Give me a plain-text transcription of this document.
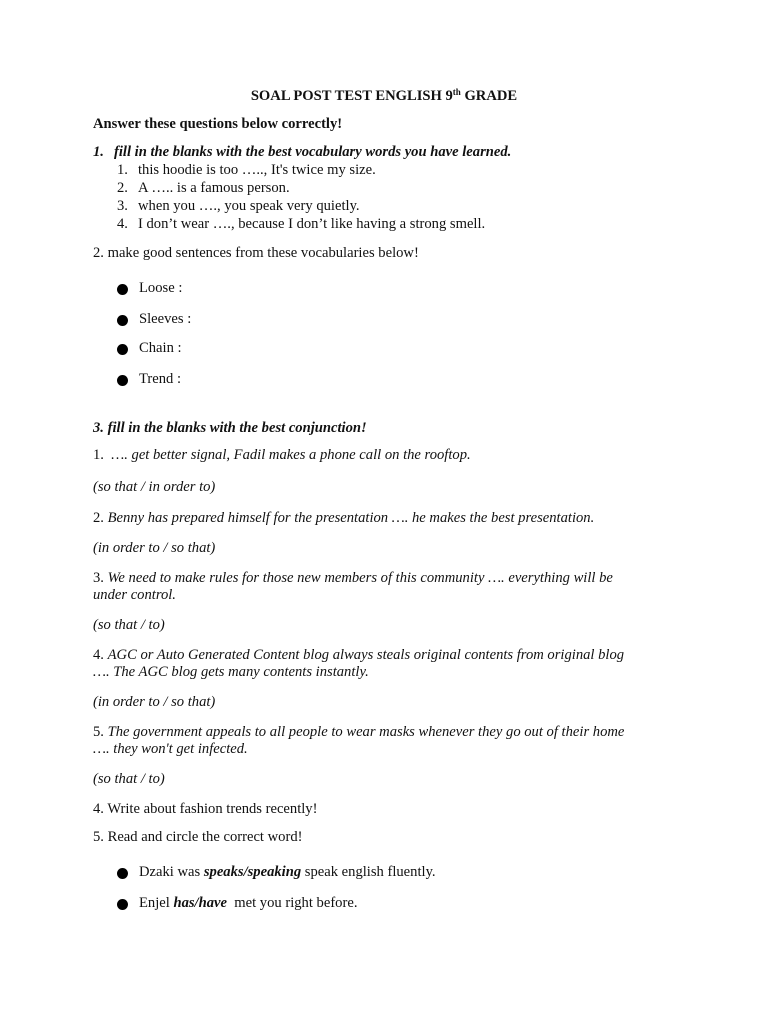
SOAL POST TEST ENGLISH 9th GRADE
Answer these questions below correctly!
1. fill in the blanks with the best vocabulary words you have learned.
1. this hoodie is too ….., It's twice my size.
2. A ….. is a famous person.
3. when you …., you speak very quietly.
4. I don’t wear …., because I don’t like having a strong smell.
2. make good sentences from these vocabularies below!
Loose :
Sleeves :
Chain :
Trend :
3. fill in the blanks with the best conjunction!
1. …. get better signal, Fadil makes a phone call on the rooftop.
(so that / in order to)
2. Benny has prepared himself for the presentation …. he makes the best presentation.
(in order to / so that)
3. We need to make rules for those new members of this community …. everything will be
under control.
(so that / to)
4. AGC or Auto Generated Content blog always steals original contents from original blog
…. The AGC blog gets many contents instantly.
(in order to / so that)
5. The government appeals to all people to wear masks whenever they go out of their home
…. they won't get infected.
(so that / to)
4. Write about fashion trends recently!
5. Read and circle the correct word!
Dzaki was speaks/speaking speak english fluently.
Enjel has/have  met you right before.
